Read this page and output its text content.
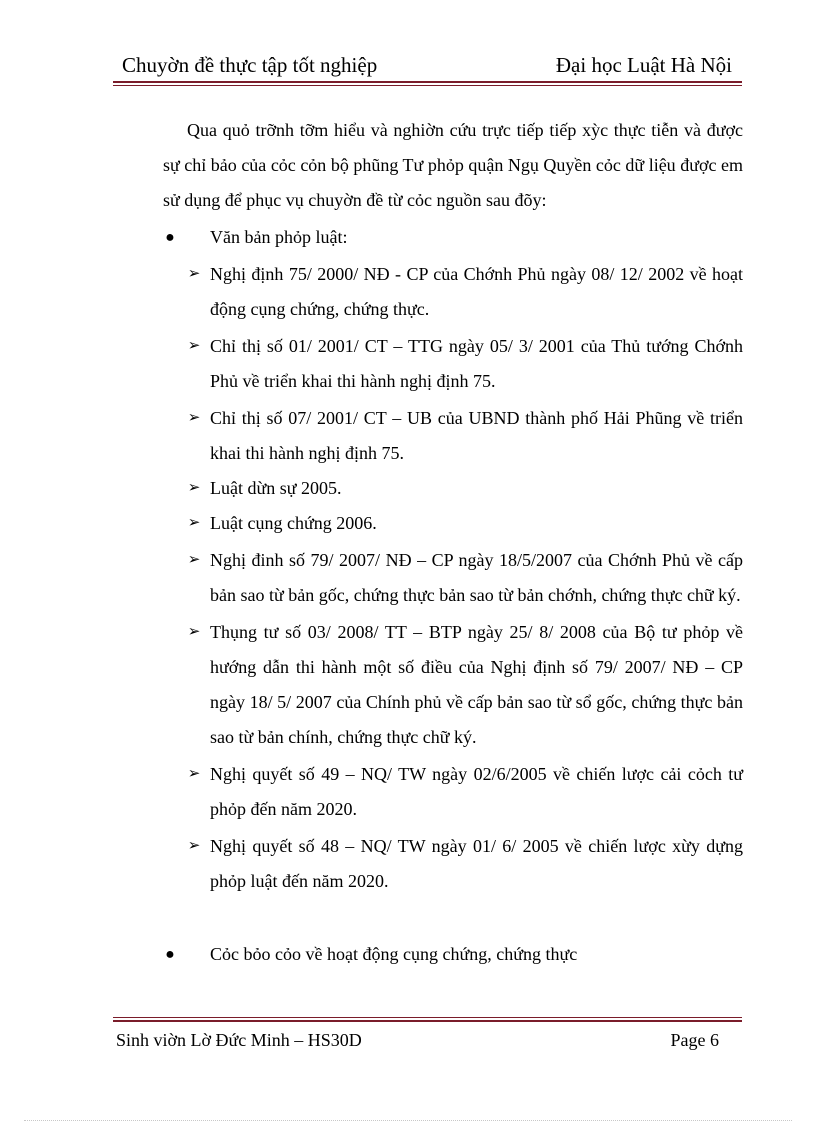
Chuyờn đề thực tập tốt nghiệp	Đại học Luật Hà Nội

Qua quỏ trỡnh tỡm hiểu và nghiờn cứu trực tiếp tiếp xỳc thực tiễn và được sự chỉ bảo của cỏc cỏn bộ phũng Tư phỏp quận Ngụ Quyền cỏc dữ liệu được em sử dụng để phục vụ chuyờn đề từ cỏc nguồn sau đõy:

● Văn bản phỏp luật:
➢ Nghị định 75/ 2000/ NĐ - CP của Chớnh Phủ ngày 08/ 12/ 2002 về hoạt động cụng chứng, chứng thực.
➢ Chỉ thị số 01/ 2001/ CT – TTG ngày 05/ 3/ 2001 của Thủ tướng Chớnh Phủ về triển khai thi hành nghị định 75.
➢ Chỉ thị số 07/ 2001/ CT – UB của UBND thành phố Hải Phũng về triển khai thi hành nghị định 75.
➢ Luật dừn sự 2005.
➢ Luật cụng chứng 2006.
➢ Nghị đinh số 79/ 2007/ NĐ – CP ngày 18/5/2007 của Chớnh Phủ về cấp bản sao từ bản gốc, chứng thực bản sao từ bản chớnh, chứng thực chữ ký.
➢ Thụng tư số 03/ 2008/ TT – BTP ngày 25/ 8/ 2008 của Bộ tư phỏp về hướng dẫn thi hành một số điều của Nghị định số 79/ 2007/ NĐ – CP ngày 18/ 5/ 2007 của Chính phủ về cấp bản sao từ sổ gốc, chứng thực bản sao từ bản chính, chứng thực chữ ký.
➢ Nghị quyết số 49 – NQ/ TW ngày 02/6/2005 về chiến lược cải cỏch tư phỏp đến năm 2020.
➢ Nghị quyết số 48 – NQ/ TW ngày 01/ 6/ 2005 về chiến lược xừy dựng phỏp luật đến năm 2020.
● Cỏc bỏo cỏo về hoạt động cụng chứng, chứng thực
Sinh viờn Lờ Đức Minh – HS30D	Page 6
